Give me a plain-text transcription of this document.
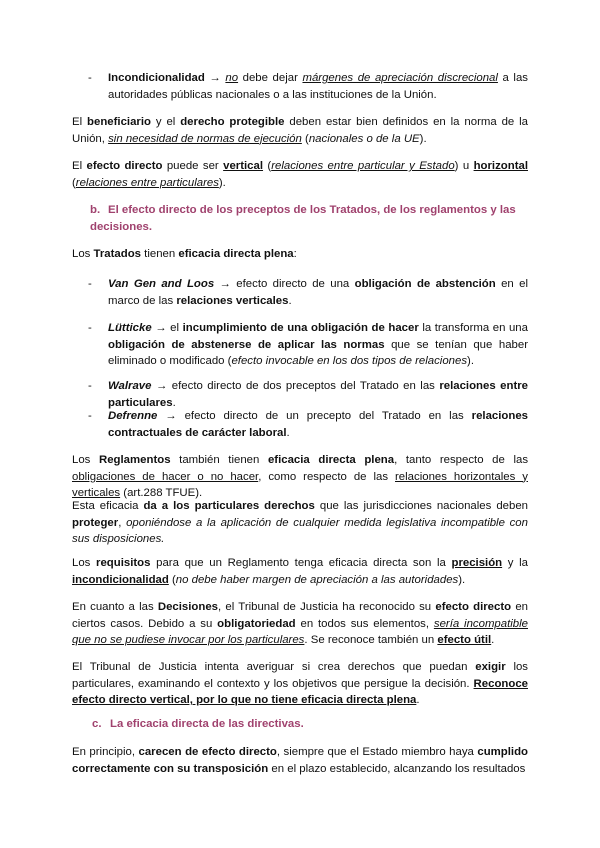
- Incondicionalidad → no debe dejar márgenes de apreciación discrecional a las autoridades públicas nacionales o a las instituciones de la Unión.

El beneficiario y el derecho protegible deben estar bien definidos en la norma de la Unión, sin necesidad de normas de ejecución (nacionales o de la UE).

El efecto directo puede ser vertical (relaciones entre particular y Estado) u horizontal (relaciones entre particulares).

b. El efecto directo de los preceptos de los Tratados, de los reglamentos y las decisiones.

Los Tratados tienen eficacia directa plena:

- Van Gen and Loos → efecto directo de una obligación de abstención en el marco de las relaciones verticales.
- Lütticke → el incumplimiento de una obligación de hacer la transforma en una obligación de abstenerse de aplicar las normas que se tenían que haber eliminado o modificado (efecto invocable en los dos tipos de relaciones).
- Walrave → efecto directo de dos preceptos del Tratado en las relaciones entre particulares.
- Defrenne → efecto directo de un precepto del Tratado en las relaciones contractuales de carácter laboral.

Los Reglamentos también tienen eficacia directa plena, tanto respecto de las obligaciones de hacer o no hacer, como respecto de las relaciones horizontales y verticales (art.288 TFUE).

Esta eficacia da a los particulares derechos que las jurisdicciones nacionales deben proteger, oponiéndose a la aplicación de cualquier medida legislativa incompatible con sus disposiciones.

Los requisitos para que un Reglamento tenga eficacia directa son la precisión y la incondicionalidad (no debe haber margen de apreciación a las autoridades).

En cuanto a las Decisiones, el Tribunal de Justicia ha reconocido su efecto directo en ciertos casos. Debido a su obligatoriedad en todos sus elementos, sería incompatible que no se pudiese invocar por los particulares. Se reconoce también un efecto útil.

El Tribunal de Justicia intenta averiguar si crea derechos que puedan exigir los particulares, examinando el contexto y los objetivos que persigue la decisión. Reconoce efecto directo vertical, por lo que no tiene eficacia directa plena.

c. La eficacia directa de las directivas.

En principio, carecen de efecto directo, siempre que el Estado miembro haya cumplido correctamente con su transposición en el plazo establecido, alcanzando los resultados
